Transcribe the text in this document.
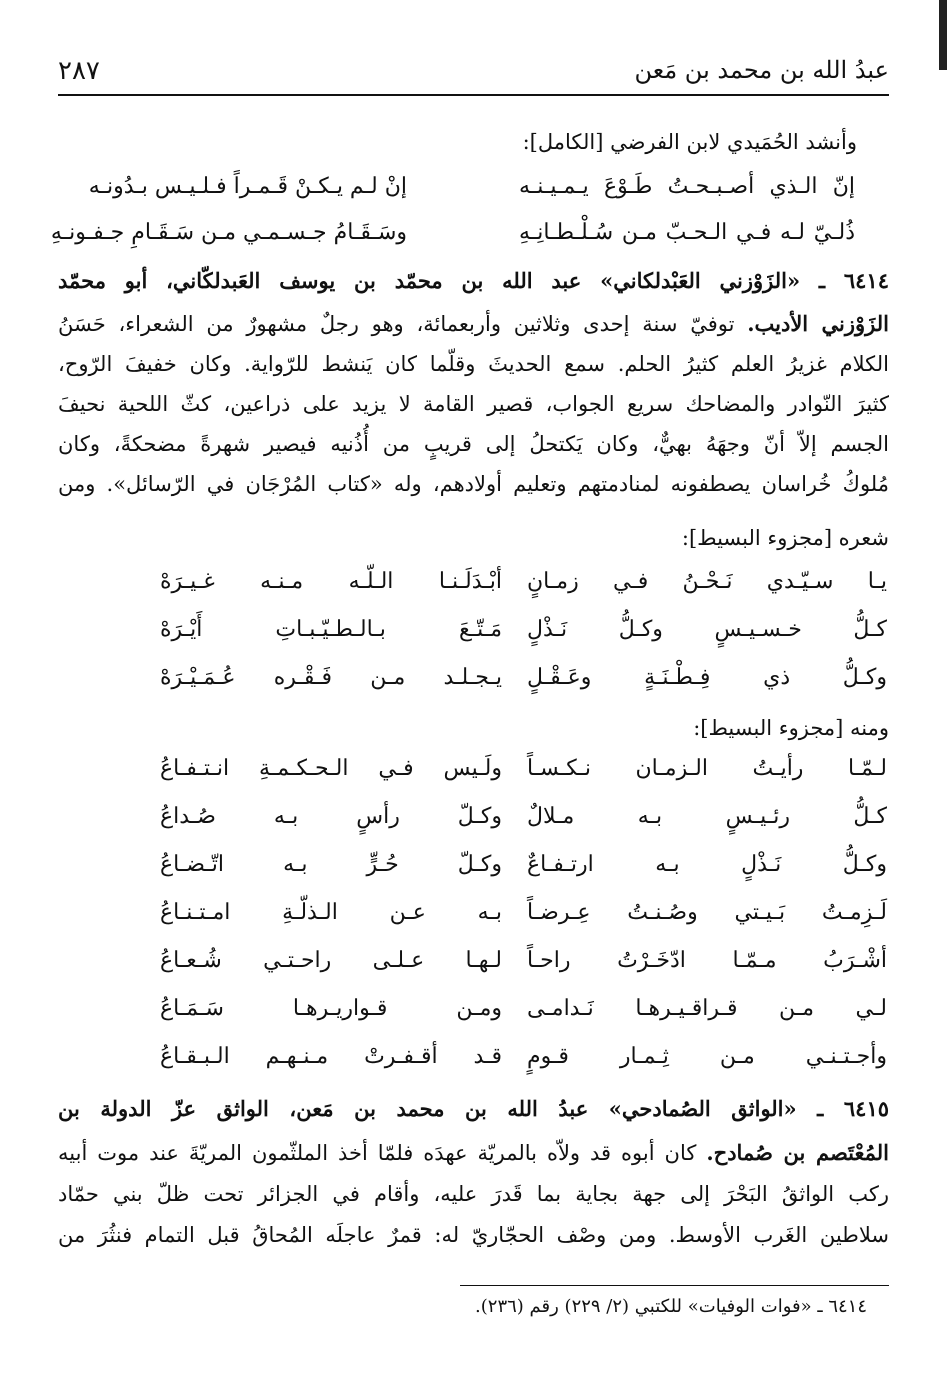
عبدُ الله بن محمد بن مَعن
٢٨٧
وأنشد الحُمَيدي لابن الفرضي [الكامل]:
إنّ الـذي أصـبـحـتُ طَـوْعَ يـمـيـنـه
إنْ لـم يـكـنْ قَـمـراً فـلـيـس بـدُونـه
ذُلـيّ لـه فـي الـحـبّ مـن سُـلْـطـانِـهِ
وسَـقَـامُ جـسـمـي مـن سَـقَـامِ جـفـونـهِ
٦٤١٤ ـ «الزَوْزني العَبْدلكاني» عبد الله بن محمّد بن يوسف العَبدلكّاني، أبو محمّد
الزَوْزني الأديب. توفيّ سنة إحدى وثلاثين وأربعمائة، وهو رجلٌ مشهورٌ من الشعراء، حَسَنُ
الكلام غزيرُ العلم كثيرُ الحلم. سمع الحديثَ وقلّما كان يَنشط للرّواية. وكان خفيفَ الرّوح،
كثيرَ النّوادر والمضاحك سريع الجواب، قصير القامة لا يزيد على ذراعين، كثّ اللحية نحيفَ
الجسم إلاّ أنّ وجهَهُ بهيٌّ، وكان يَكتحلُ إلى قريبٍ من أُذُنيه فيصير شهرةً مضحكةً، وكان
مُلوكُ خُراسان يصطفونه لمنادمتهم وتعليم أولادهم، وله «كتاب المُرْجَان في الرّسائل». ومن
شعره [مجزوء البسيط]:
يـا سـيّـدي نَـحْـنُ فـي زمـانٍ
أبْـدَلَـنـا الـلّـه مـنـه غـيـرَهْ
كـلُّ خـسـيـسٍ وكـلُّ نَـذْلٍ
مَـتّـعَ بـالـطـيّـبـاتِ أَيْـرَهْ
وكـلُّ ذي فِـطْـنَـةٍ وعَـقْـلٍ
يـجـلـد مـن فَـقْـره عُـمَـيْـرَهْ
ومنه [مجزوء البسيط]:
لـمّـا رأيـتُ الـزمـان نـكـسـاً
ولَـيس فـي الـحـكـمـةِ انـتـفـاعُ
كـلُّ رئـيـسٍ بـه مـلالٌ
وكـلّ رأسٍ بـه صُـداعُ
وكـلُّ نَـذْلٍ بـه ارتـفـاعٌ
وكـلّ حُـرٍّ بـه اتّـضـاعُ
لَـزِمـتُ بَـيـتي وصُـنـتُ عِـرضـاً
بـه عـن الـذلّـةِ امـتـنـاعُ
أشْـرَبُ مـمّـا ادّخَـرْتُ راحـاً
لـهـا عـلـى راحـتـي شُـعـاعُ
لـي مـن قـراقـيـرهـا نَـدامـى
ومـن قـواريـرهـا سَـمَـاعُ
وأجـتـنـي مـن ثِـمـار قـومٍ
قـد أقـفـرتْ مـنـهـم الـبـقـاعُ
٦٤١٥ ـ «الواثق الصُمادحي» عبدُ الله بن محمد بن مَعن، الواثق عزّ الدولة بن
المُعْتَصم بن صُمادح. كان أبوه قد ولاّه بالمريّة عهدَه فلمّا أخذ الملثّمون المريّةَ عند موت أبيه
ركب الواثقُ البَحْرَ إلى جهة بجاية بما قَدرَ عليه، وأقام في الجزائر تحت ظلّ بني حمّاد
سلاطين الغَرب الأوسط. ومن وصْف الحجّاريّ له: قمرٌ عاجلَه المُحاقُ قبل التمام فنثُرَ من
٦٤١٤ ـ «فوات الوفيات» للكتبي (٢/ ٢٢٩) رقم (٢٣٦).
